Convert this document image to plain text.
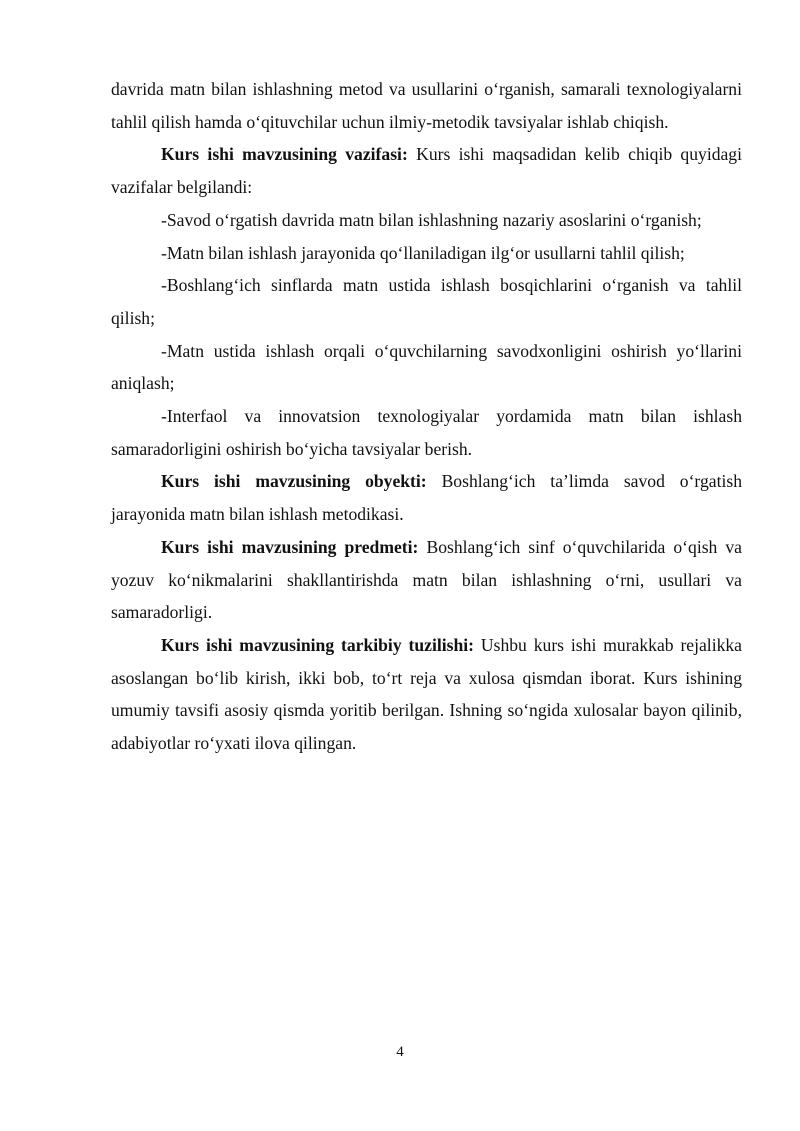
davrida matn bilan ishlashning metod va usullarini o‘rganish, samarali texnologiyalarni tahlil qilish hamda o‘qituvchilar uchun ilmiy-metodik tavsiyalar ishlab chiqish.

Kurs ishi mavzusining vazifasi: Kurs ishi maqsadidan kelib chiqib quyidagi vazifalar belgilandi:

-Savod o‘rgatish davrida matn bilan ishlashning nazariy asoslarini o‘rganish;

-Matn bilan ishlash jarayonida qo‘llaniladigan ilg‘or usullarni tahlil qilish;

-Boshlang‘ich sinflarda matn ustida ishlash bosqichlarini o‘rganish va tahlil qilish;

-Matn ustida ishlash orqali o‘quvchilarning savodxonligini oshirish yo‘llarini aniqlash;

-Interfaol va innovatsion texnologiyalar yordamida matn bilan ishlash samaradorligini oshirish bo‘yicha tavsiyalar berish.

Kurs ishi mavzusining obyekti: Boshlang‘ich ta’limda savod o‘rgatish jarayonida matn bilan ishlash metodikasi.

Kurs ishi mavzusining predmeti: Boshlang‘ich sinf o‘quvchilarida o‘qish va yozuv ko‘nikmalarini shakllantirishda matn bilan ishlashning o‘rni, usullari va samaradorligi.

Kurs ishi mavzusining tarkibiy tuzilishi: Ushbu kurs ishi murakkab rejalikka asoslangan bo‘lib kirish, ikki bob, to‘rt reja va xulosa qismdan iborat. Kurs ishining umumiy tavsifi asosiy qismda yoritib berilgan. Ishning so‘ngida xulosalar bayon qilinib, adabiyotlar ro‘yxati ilova qilingan.

4
